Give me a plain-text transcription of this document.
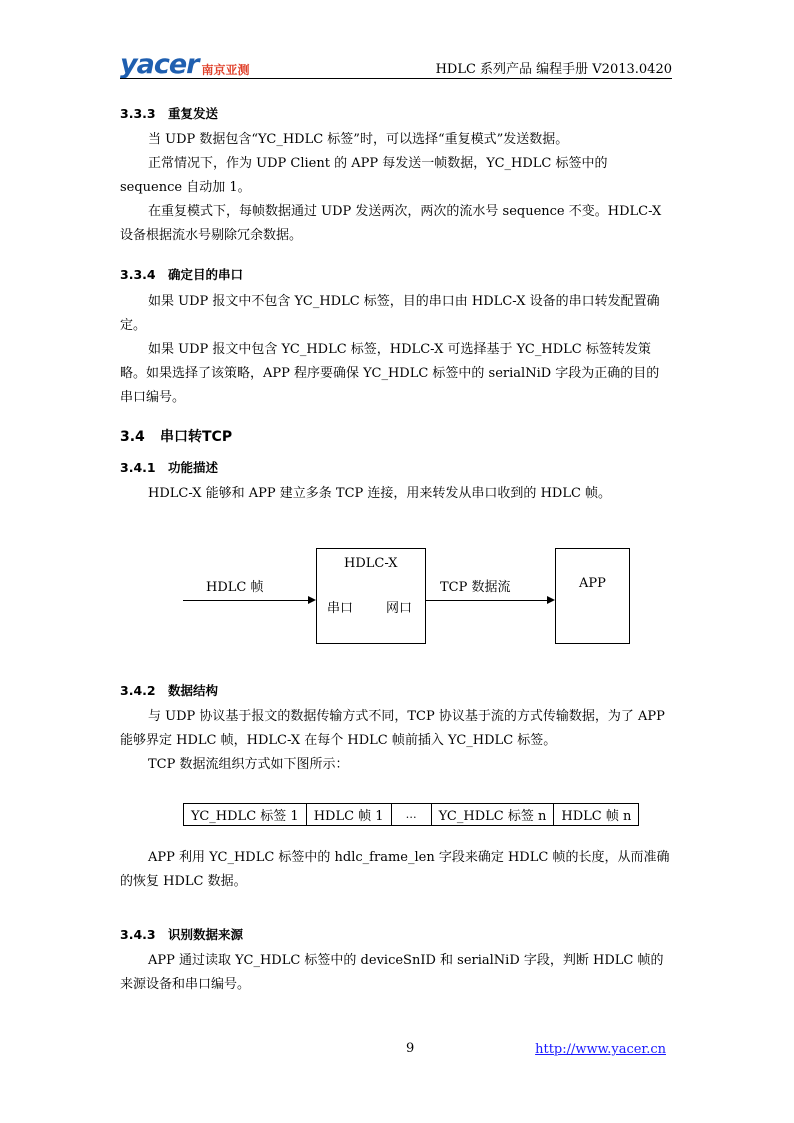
yacer 南京亚测	HDLC 系列产品 编程手册 V2013.0420
3.3.3 重复发送
当 UDP 数据包含“YC_HDLC 标签”时，可以选择“重复模式”发送数据。
正常情况下，作为 UDP Client 的 APP 每发送一帧数据，YC_HDLC 标签中的 sequence 自动加 1。
在重复模式下，每帧数据通过 UDP 发送两次，两次的流水号 sequence 不变。HDLC-X 设备根据流水号剔除冗余数据。
3.3.4 确定目的串口
如果 UDP 报文中不包含 YC_HDLC 标签，目的串口由 HDLC-X 设备的串口转发配置确定。
如果 UDP 报文中包含 YC_HDLC 标签，HDLC-X 可选择基于 YC_HDLC 标签转发策略。如果选择了该策略，APP 程序要确保 YC_HDLC 标签中的 serialNiD 字段为正确的目的串口编号。
3.4 串口转TCP
3.4.1 功能描述
HDLC-X 能够和 APP 建立多条 TCP 连接，用来转发从串口收到的 HDLC 帧。
HDLC 帧
HDLC-X
串口	网口
TCP 数据流	APP
3.4.2 数据结构
与 UDP 协议基于报文的数据传输方式不同，TCP 协议基于流的方式传输数据，为了 APP 能够界定 HDLC 帧，HDLC-X 在每个 HDLC 帧前插入 YC_HDLC 标签。
TCP 数据流组织方式如下图所示：
YC_HDLC 标签 1	HDLC 帧 1	…	YC_HDLC 标签 n	HDLC 帧 n
APP 利用 YC_HDLC 标签中的 hdlc_frame_len 字段来确定 HDLC 帧的长度，从而准确的恢复 HDLC 数据。
3.4.3 识别数据来源
APP 通过读取 YC_HDLC 标签中的 deviceSnID 和 serialNiD 字段，判断 HDLC 帧的来源设备和串口编号。
9	http://www.yacer.cn
